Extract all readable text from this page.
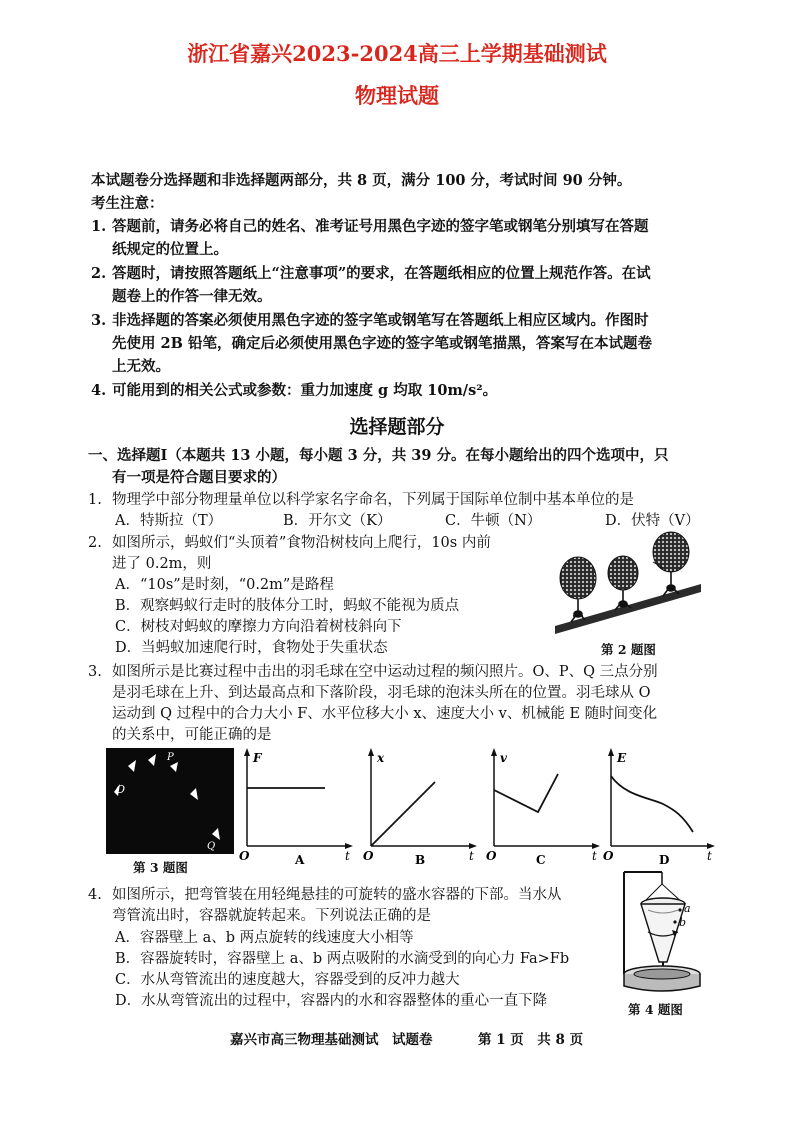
浙江省嘉兴2023-2024高三上学期基础测试
物理试题
本试题卷分选择题和非选择题两部分，共 8 页，满分 100 分，考试时间 90 分钟。
考生注意：
1. 答题前，请务必将自己的姓名、准考证号用黑色字迹的签字笔或钢笔分别填写在答题
纸规定的位置上。
2. 答题时，请按照答题纸上“注意事项”的要求，在答题纸相应的位置上规范作答。在试
题卷上的作答一律无效。
3. 非选择题的答案必须使用黑色字迹的签字笔或钢笔写在答题纸上相应区域内。作图时
先使用 2B 铅笔，确定后必须使用黑色字迹的签字笔或钢笔描黑，答案写在本试题卷
上无效。
4. 可能用到的相关公式或参数：重力加速度 g 均取 10m/s²。
选择题部分
一、选择题Ⅰ（本题共 13 小题，每小题 3 分，共 39 分。在每小题给出的四个选项中，只
有一项是符合题目要求的）
1. 物理学中部分物理量单位以科学家名字命名，下列属于国际单位制中基本单位的是
A．特斯拉（T）	B．开尔文（K）	C．牛顿（N）	D．伏特（V）
2. 如图所示，蚂蚁们“头顶着”食物沿树枝向上爬行，10s 内前
进了 0.2m，则
A．“10s”是时刻，“0.2m”是路程
B．观察蚂蚁行走时的肢体分工时，蚂蚁不能视为质点
C．树枝对蚂蚁的摩擦力方向沿着树枝斜向下
D．当蚂蚁加速爬行时，食物处于失重状态	第 2 题图
3. 如图所示是比赛过程中击出的羽毛球在空中运动过程的频闪照片。O、P、Q 三点分别
是羽毛球在上升、到达最高点和下落阶段，羽毛球的泡沫头所在的位置。羽毛球从 O
运动到 Q 过程中的合力大小 F、水平位移大小 x、速度大小 v、机械能 E 随时间变化
的关系中，可能正确的是
O
P
Q
第 3 题图
F
t
O	A
x
t
O	B
v
t
O	C
E
t
O	D
4. 如图所示，把弯管装在用轻绳悬挂的可旋转的盛水容器的下部。当水从
弯管流出时，容器就旋转起来。下列说法正确的是
A．容器壁上 a、b 两点旋转的线速度大小相等
B．容器旋转时，容器壁上 a、b 两点吸附的水滴受到的向心力 Fa>Fb
C．水从弯管流出的速度越大，容器受到的反冲力越大
D．水从弯管流出的过程中，容器内的水和容器整体的重心一直下降
a
b
第 4 题图
嘉兴市高三物理基础测试　试题卷	第 1 页　共 8 页
